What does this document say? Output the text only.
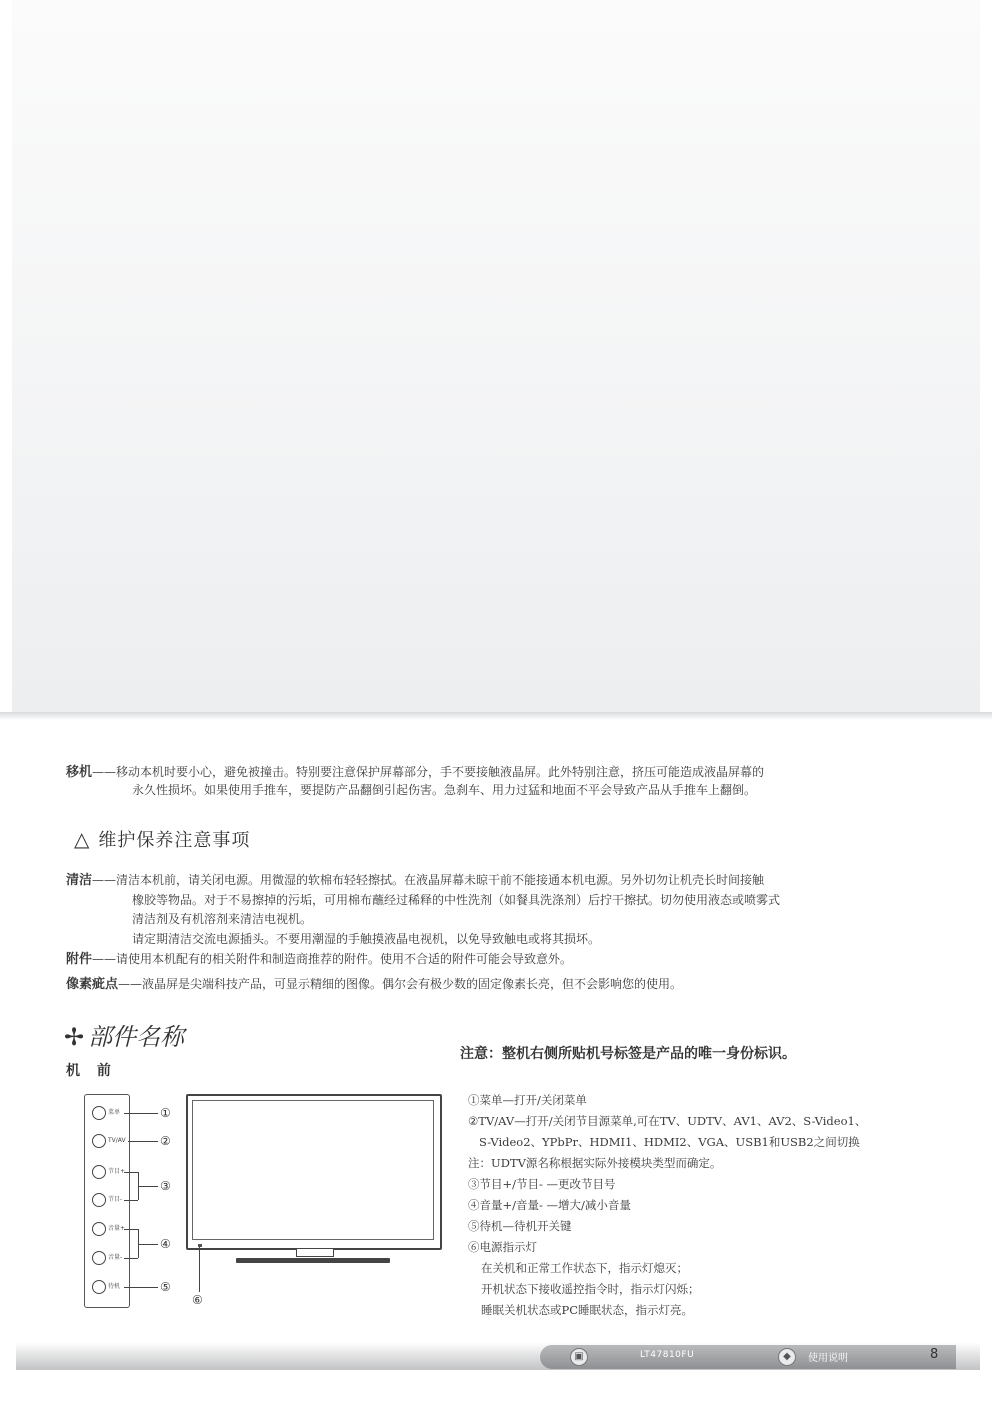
移机——移动本机时要小心，避免被撞击。特别要注意保护屏幕部分，手不要接触液晶屏。此外特别注意，挤压可能造成液晶屏幕的
永久性损坏。如果使用手推车，要提防产品翻倒引起伤害。急刹车、用力过猛和地面不平会导致产品从手推车上翻倒。
△ 维护保养注意事项
清洁——清洁本机前，请关闭电源。用微湿的软棉布轻轻擦拭。在液晶屏幕未晾干前不能接通本机电源。另外切勿让机壳长时间接触
橡胶等物品。对于不易擦掉的污垢，可用棉布蘸经过稀释的中性洗剂（如餐具洗涤剂）后拧干擦拭。切勿使用液态或喷雾式
清洁剂及有机溶剂来清洁电视机。
请定期清洁交流电源插头。不要用潮湿的手触摸液晶电视机，以免导致触电或将其损坏。
附件——请使用本机配有的相关附件和制造商推荐的附件。使用不合适的附件可能会导致意外。
像素疵点——液晶屏是尖端科技产品，可显示精细的图像。偶尔会有极少数的固定像素长亮，但不会影响您的使用。
✢ 部件名称
注意：整机右侧所贴机号标签是产品的唯一身份标识。
机 前
菜单
TV/AV
节目+
节目-
音量+
音量-
待机
①
②
③
④
⑤
⑥
①菜单—打开/关闭菜单
②TV/AV—打开/关闭节目源菜单,可在TV、UDTV、AV1、AV2、S-Video1、
S-Video2、YPbPr、HDMI1、HDMI2、VGA、USB1和USB2之间切换
注：UDTV源名称根据实际外接模块类型而确定。
③节目+/节目- —更改节目号
④音量+/音量- —增大/减小音量
⑤待机—待机开关键
⑥电源指示灯
在关机和正常工作状态下，指示灯熄灭；
开机状态下接收遥控指令时，指示灯闪烁；
睡眠关机状态或PC睡眠状态，指示灯亮。
▣	LT47810FU	◆	使用说明	8
